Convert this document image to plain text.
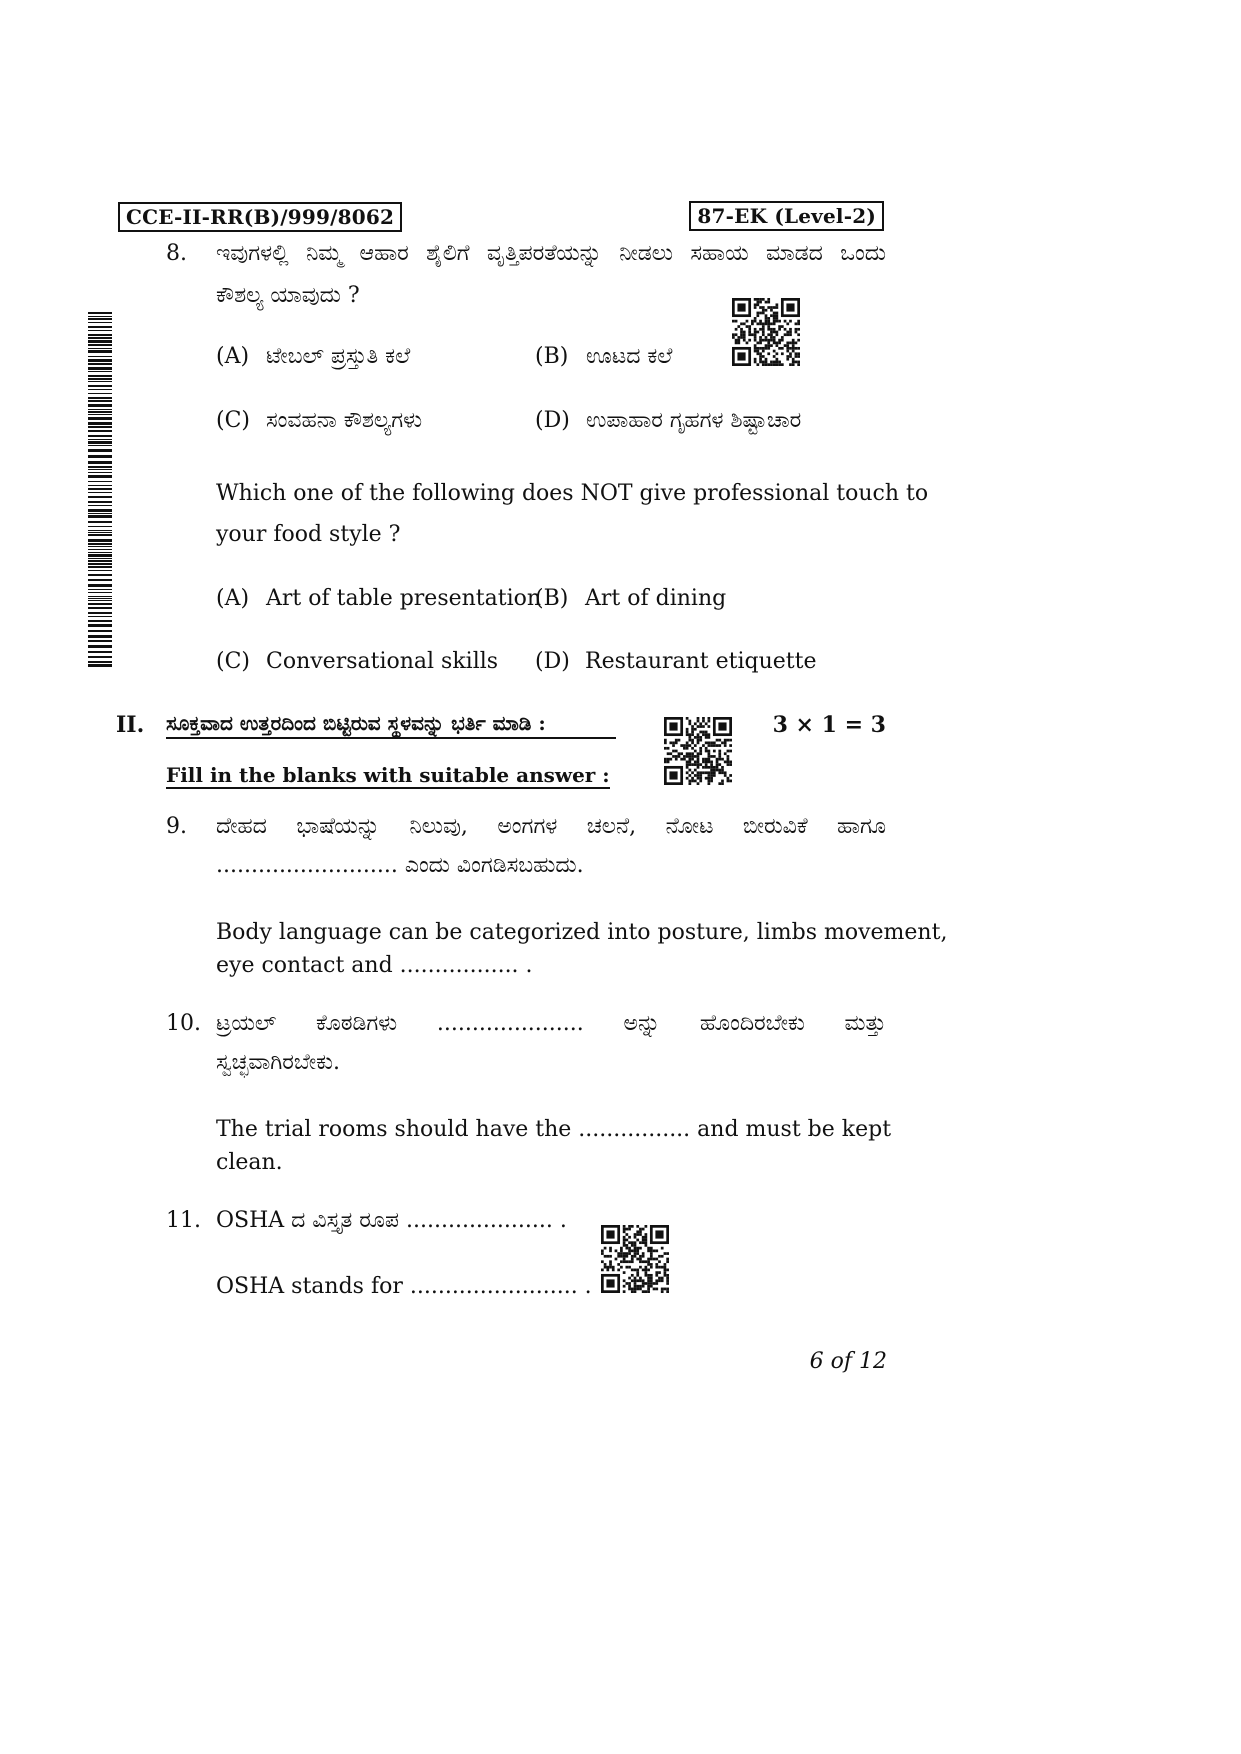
CCE-II-RR(B)/999/8062	87-EK (Level-2)
8. ಇವುಗಳಲ್ಲಿ ನಿಮ್ಮ ಆಹಾರ ಶೈಲಿಗೆ ವೃತ್ತಿಪರತೆಯನ್ನು ನೀಡಲು ಸಹಾಯ ಮಾಡದ ಒಂದು
ಕೌಶಲ್ಯ ಯಾವುದು ?
(A) ಟೇಬಲ್ ಪ್ರಸ್ತುತಿ ಕಲೆ	(B) ಊಟದ ಕಲೆ
(C) ಸಂವಹನಾ ಕೌಶಲ್ಯಗಳು	(D) ಉಪಾಹಾರ ಗೃಹಗಳ ಶಿಷ್ಟಾಚಾರ
Which one of the following does NOT give professional touch to
your food style ?
(A) Art of table presentation
(B) Art of dining
(C) Conversational skills (D) Restaurant etiquette
II. ಸೂಕ್ತವಾದ ಉತ್ತರದಿಂದ ಬಿಟ್ಟಿರುವ ಸ್ಥಳವನ್ನು ಭರ್ತಿ ಮಾಡಿ :	3 × 1 = 3
Fill in the blanks with suitable answer :
9. ದೇಹದ ಭಾಷೆಯನ್ನು ನಿಲುವು, ಅಂಗಗಳ ಚಲನೆ, ನೋಟ ಬೀರುವಿಕೆ ಹಾಗೂ
.......................... ಎಂದು ವಿಂಗಡಿಸಬಹುದು.
Body language can be categorized into posture, limbs movement,
eye contact and ................. .
10. ಟ್ರಯಲ್ ಕೊಠಡಿಗಳು ..................... ಅನ್ನು ಹೊಂದಿರಬೇಕು ಮತ್ತು
ಸ್ವಚ್ಛವಾಗಿರಬೇಕು.
The trial rooms should have the ................ and must be kept
clean.
11. OSHA ದ ವಿಸ್ತೃತ ರೂಪ ..................... .
OSHA stands for ........................ .
6 of 12
